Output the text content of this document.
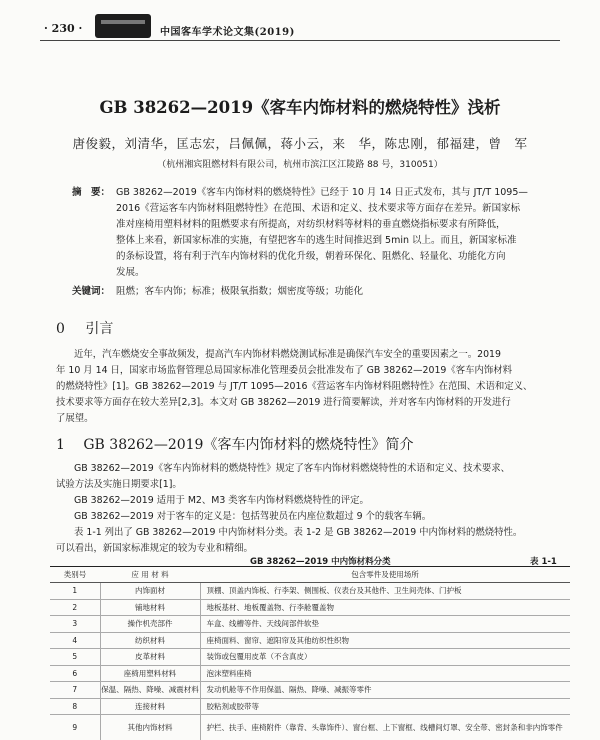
· 230 ·	中国客车学术论文集(2019)
GB 38262—2019《客车内饰材料的燃烧特性》浅析
唐俊毅，刘清华，匡志宏，吕佩佩，蒋小云，来　华，陈忠刚，郁福建，曾　军
（杭州湘宾阻燃材料有限公司，杭州市滨江区江陵路 88 号，310051）
摘　要： GB 38262—2019《客车内饰材料的燃烧特性》已经于 10 月 14 日正式发布，其与 JT/T 1095—
2016《营运客车内饰材料阻燃特性》在范围、术语和定义、技术要求等方面存在差异。新国家标
准对座椅用塑料材料的阻燃要求有所提高，对纺织材料等材料的垂直燃烧指标要求有所降低，
整体上来看，新国家标准的实施，有望把客车的逃生时间推迟到 5min 以上。而且，新国家标准
的条标设置，将有利于汽车内饰材料的优化升级，朝着环保化、阻燃化、轻量化、功能化方向
发展。
关键词： 阻燃；客车内饰；标准；极限氧指数；烟密度等级；功能化
0 引言
近年，汽车燃烧安全事故频发，提高汽车内饰材料燃烧测试标准是确保汽车安全的重要因素之一。2019
年 10 月 14 日，国家市场监督管理总局国家标准化管理委员会批准发布了 GB 38262—2019《客车内饰材料
的燃烧特性》[1]。GB 38262—2019 与 JT/T 1095—2016《营运客车内饰材料阻燃特性》在范围、术语和定义、
技术要求等方面存在较大差异[2,3]。本文对 GB 38262—2019 进行简要解读，并对客车内饰材料的开发进行
了展望。
1 GB 38262—2019《客车内饰材料的燃烧特性》简介
GB 38262—2019《客车内饰材料的燃烧特性》规定了客车内饰材料燃烧特性的术语和定义、技术要求、
试验方法及实施日期要求[1]。
GB 38262—2019 适用于 M2、M3 类客车内饰材料燃烧特性的评定。
GB 38262—2019 对于客车的定义是：包括驾驶员在内座位数超过 9 个的载客车辆。
表 1-1 列出了 GB 38262—2019 中内饰材料分类。表 1-2 是 GB 38262—2019 中内饰材料的燃烧特性。
可以看出，新国家标准规定的较为专业和精细。
GB 38262—2019 中内饰材料分类	表 1-1
类别号	应 用 材 料	包含零件及使用场所
1	内饰面材	顶棚、顶盖内饰板、行李架、侧围板、仪表台及其他件、卫生间壳体、门护板
2	铺地材料	地板基材、地板覆盖物、行李舱覆盖物
3	操作机壳部件	车盒、线槽等件、天线间部件软垫
4	纺织材料	座椅面料、窗帘、遮阳帘及其他纺织性织物
5	皮革材料	装饰或包覆用皮革（不含真皮）
6	座椅用塑料材料	泡沫塑料座椅
7	保温、隔热、降噪、减震材料	发动机舱等不作用保温、隔热、降噪、减振等零件
8	连接材料	胶粘剂或胶带等
9	其他内饰材料	护栏、扶手、座椅附件（靠背、头靠饰件）、窗台框、上下窗框、线槽间灯罩、安全带、密封条和非内饰零件
